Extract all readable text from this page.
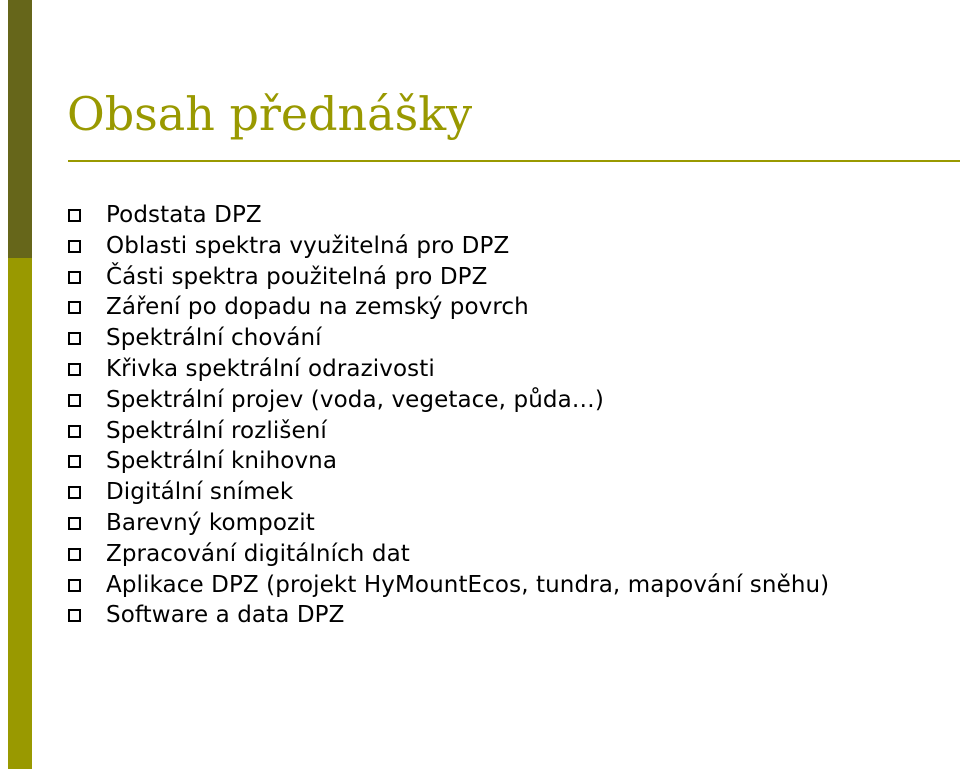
Obsah přednášky
Podstata DPZ
Oblasti spektra využitelná pro DPZ
Části spektra použitelná pro DPZ
Záření po dopadu na zemský povrch
Spektrální chování
Křivka spektrální odrazivosti
Spektrální projev (voda, vegetace, půda…)
Spektrální rozlišení
Spektrální knihovna
Digitální snímek
Barevný kompozit
Zpracování digitálních dat
Aplikace DPZ (projekt HyMountEcos, tundra, mapování sněhu)
Software a data DPZ
